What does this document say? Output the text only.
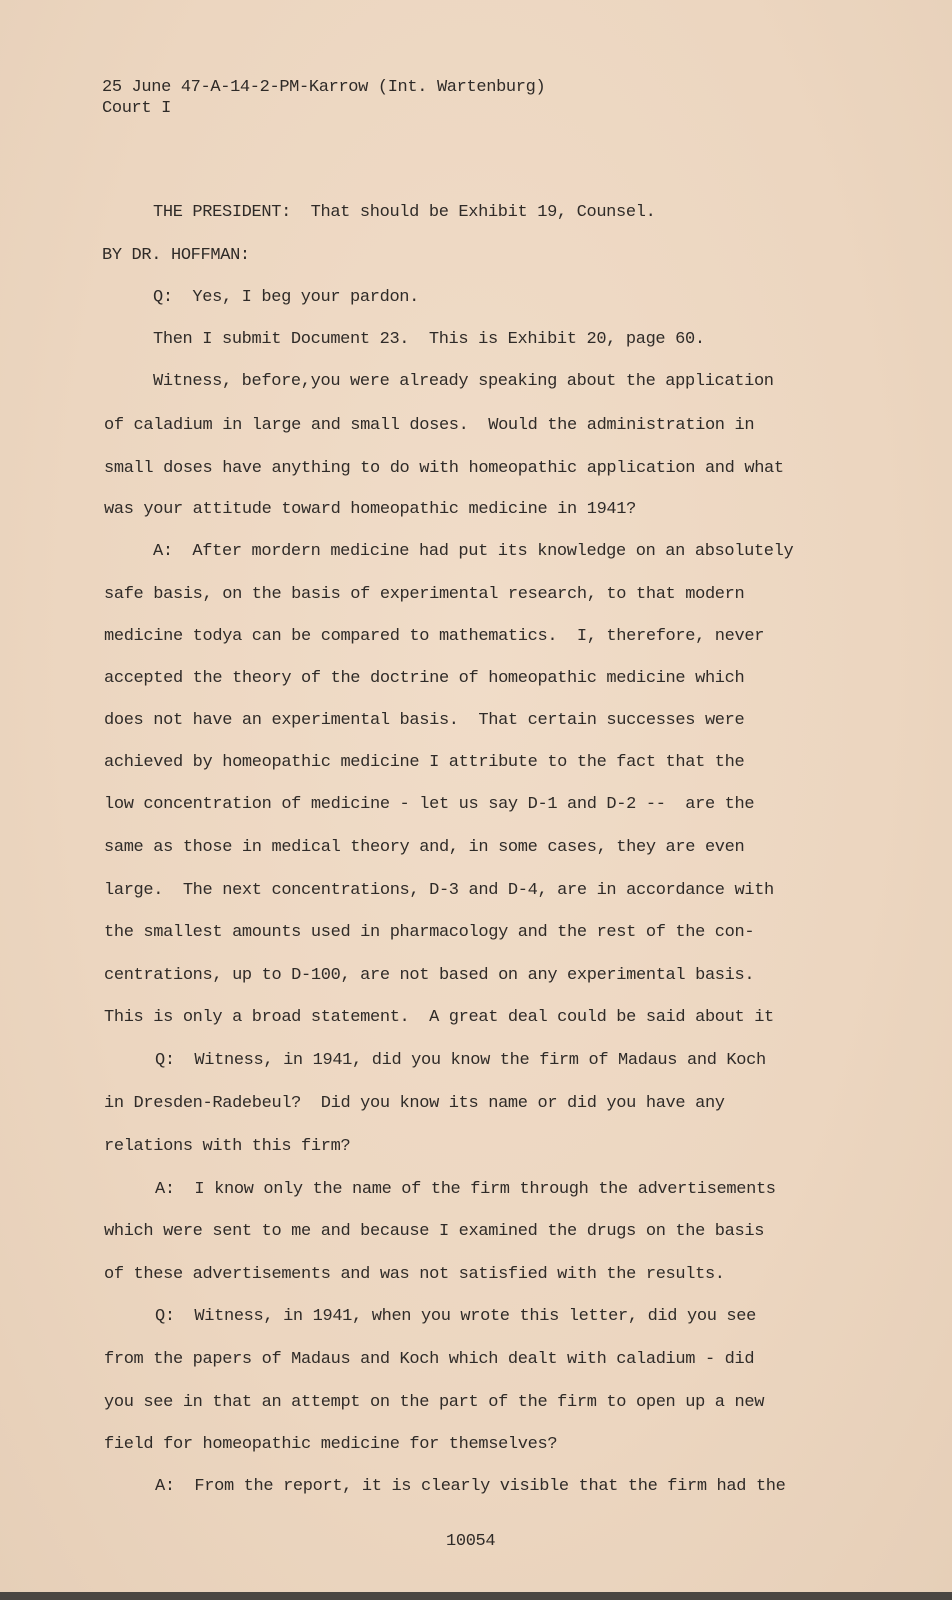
25 June 47-A-14-2-PM-Karrow (Int. Wartenburg)
Court I
THE PRESIDENT:  That should be Exhibit 19, Counsel.
BY DR. HOFFMAN:
Q:  Yes, I beg your pardon.
Then I submit Document 23.  This is Exhibit 20, page 60.
Witness, before,you were already speaking about the application
of caladium in large and small doses.  Would the administration in
small doses have anything to do with homeopathic application and what
was your attitude toward homeopathic medicine in 1941?
A:  After mordern medicine had put its knowledge on an absolutely
safe basis, on the basis of experimental research, to that modern
medicine todya can be compared to mathematics.  I, therefore, never
accepted the theory of the doctrine of homeopathic medicine which
does not have an experimental basis.  That certain successes were
achieved by homeopathic medicine I attribute to the fact that the
low concentration of medicine - let us say D-1 and D-2 --  are the
same as those in medical theory and, in some cases, they are even
large.  The next concentrations, D-3 and D-4, are in accordance with
the smallest amounts used in pharmacology and the rest of the con-
centrations, up to D-100, are not based on any experimental basis.
This is only a broad statement.  A great deal could be said about it
Q:  Witness, in 1941, did you know the firm of Madaus and Koch
in Dresden-Radebeul?  Did you know its name or did you have any
relations with this firm?
A:  I know only the name of the firm through the advertisements
which were sent to me and because I examined the drugs on the basis
of these advertisements and was not satisfied with the results.
Q:  Witness, in 1941, when you wrote this letter, did you see
from the papers of Madaus and Koch which dealt with caladium - did
you see in that an attempt on the part of the firm to open up a new
field for homeopathic medicine for themselves?
A:  From the report, it is clearly visible that the firm had the
10054
